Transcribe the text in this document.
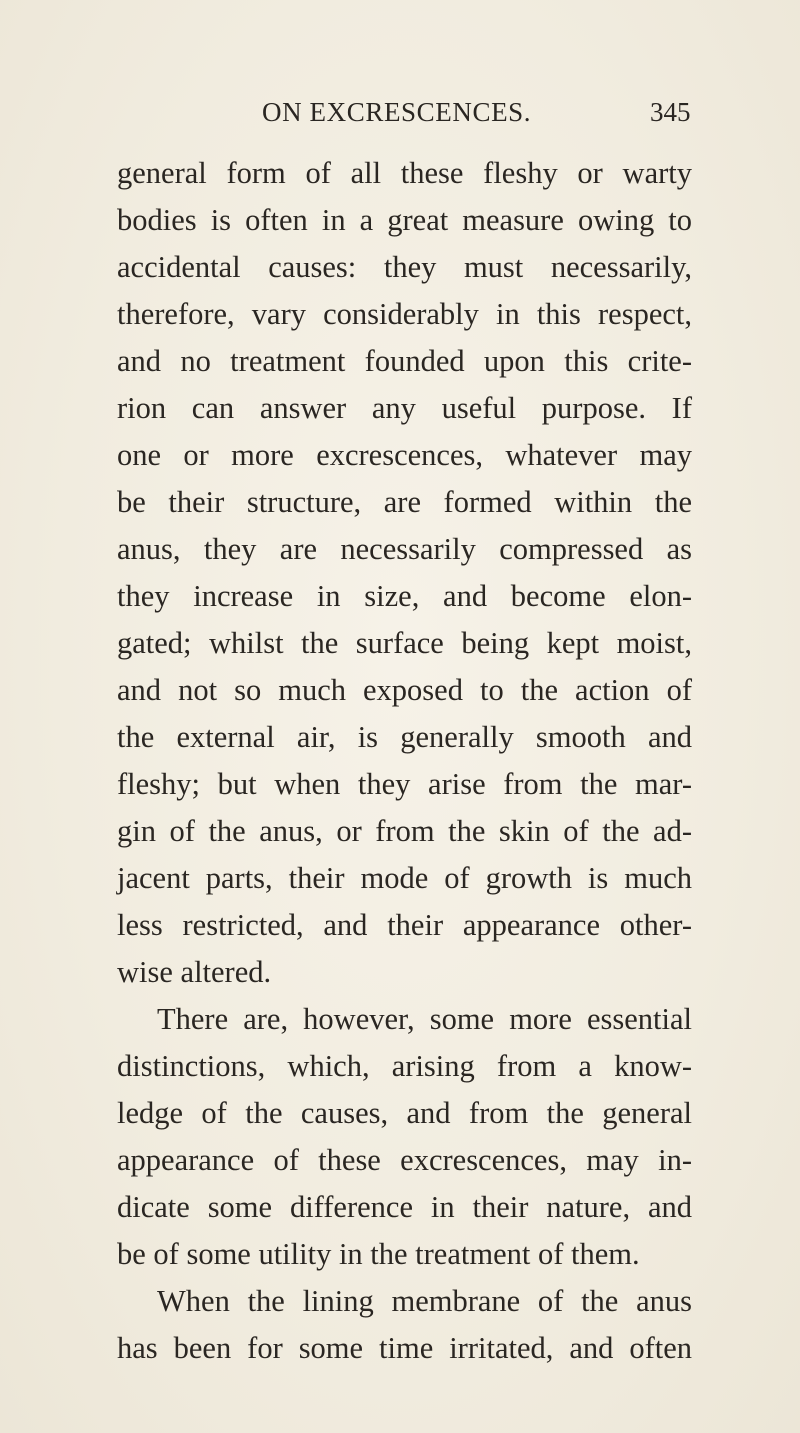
ON EXCRESCENCES.	345
general form of all these fleshy or warty
bodies is often in a great measure owing to
accidental causes: they must necessarily,
therefore, vary considerably in this respect,
and no treatment founded upon this crite-
rion can answer any useful purpose. If
one or more excrescences, whatever may
be their structure, are formed within the
anus, they are necessarily compressed as
they increase in size, and become elon-
gated; whilst the surface being kept moist,
and not so much exposed to the action of
the external air, is generally smooth and
fleshy; but when they arise from the mar-
gin of the anus, or from the skin of the ad-
jacent parts, their mode of growth is much
less restricted, and their appearance other-
wise altered.
There are, however, some more essential
distinctions, which, arising from a know-
ledge of the causes, and from the general
appearance of these excrescences, may in-
dicate some difference in their nature, and
be of some utility in the treatment of them.
When the lining membrane of the anus
has been for some time irritated, and often
